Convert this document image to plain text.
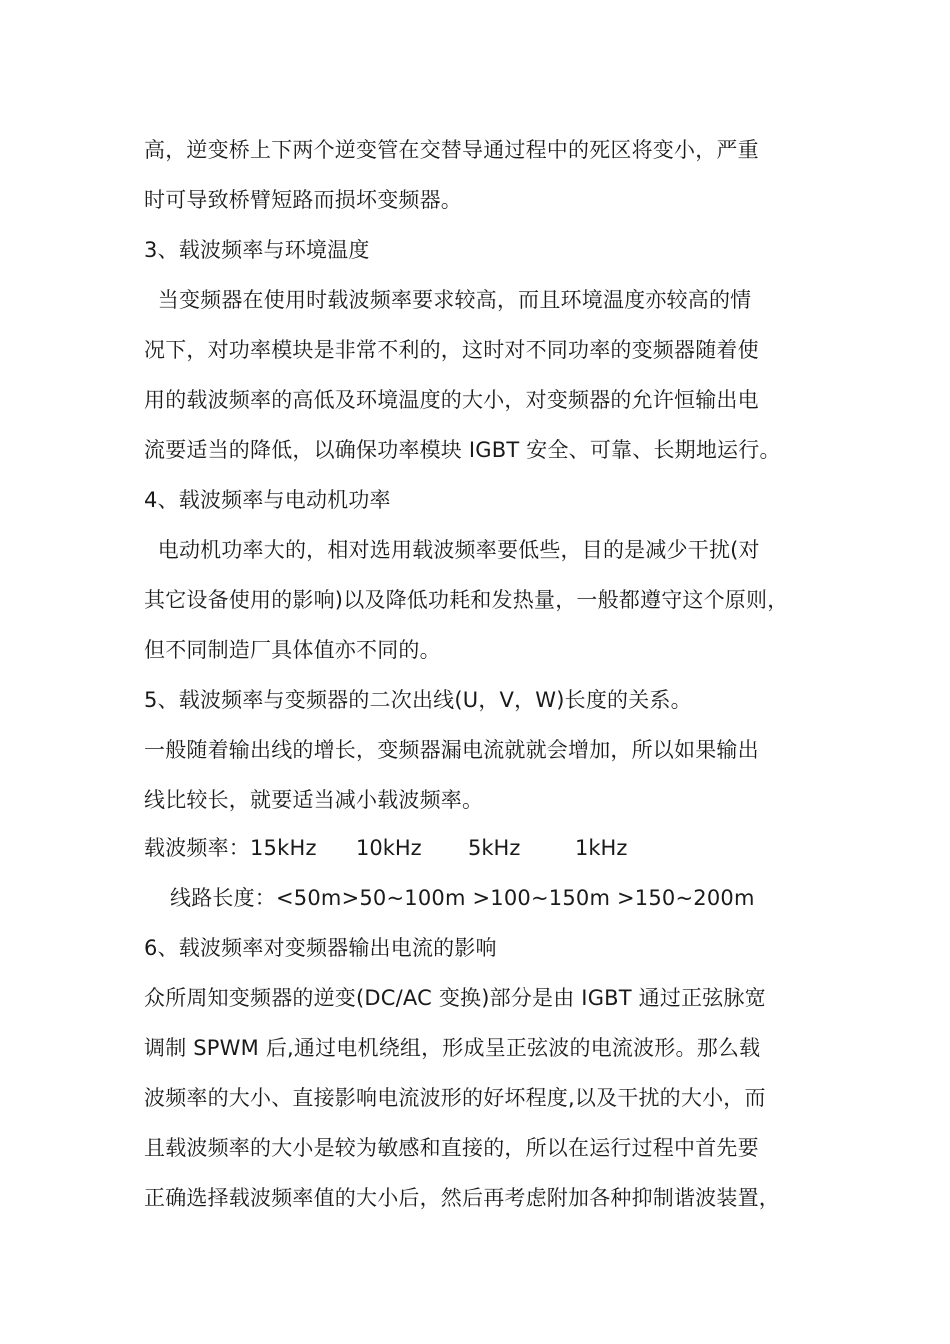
高，逆变桥上下两个逆变管在交替导通过程中的死区将变小，严重
时可导致桥臂短路而损坏变频器。
3、载波频率与环境温度
当变频器在使用时载波频率要求较高，而且环境温度亦较高的情
况下，对功率模块是非常不利的，这时对不同功率的变频器随着使
用的载波频率的高低及环境温度的大小，对变频器的允许恒输出电
流要适当的降低，以确保功率模块 IGBT 安全、可靠、长期地运行。
4、载波频率与电动机功率
电动机功率大的，相对选用载波频率要低些，目的是减少干扰(对
其它设备使用的影响)以及降低功耗和发热量，一般都遵守这个原则，
但不同制造厂具体值亦不同的。
5、载波频率与变频器的二次出线(U，V，W)长度的关系。
一般随着输出线的增长，变频器漏电流就就会增加，所以如果输出
线比较长，就要适当减小载波频率。
载波频率：15kHz 10kHz 5kHz	1kHz
线路长度：<50m>50~100m >100~150m >150~200m
6、载波频率对变频器输出电流的影响
众所周知变频器的逆变(DC/AC 变换)部分是由 IGBT 通过正弦脉宽
调制 SPWM 后,通过电机绕组，形成呈正弦波的电流波形。那么载
波频率的大小、直接影响电流波形的好坏程度,以及干扰的大小，而
且载波频率的大小是较为敏感和直接的，所以在运行过程中首先要
正确选择载波频率值的大小后，然后再考虑附加各种抑制谐波装置，
